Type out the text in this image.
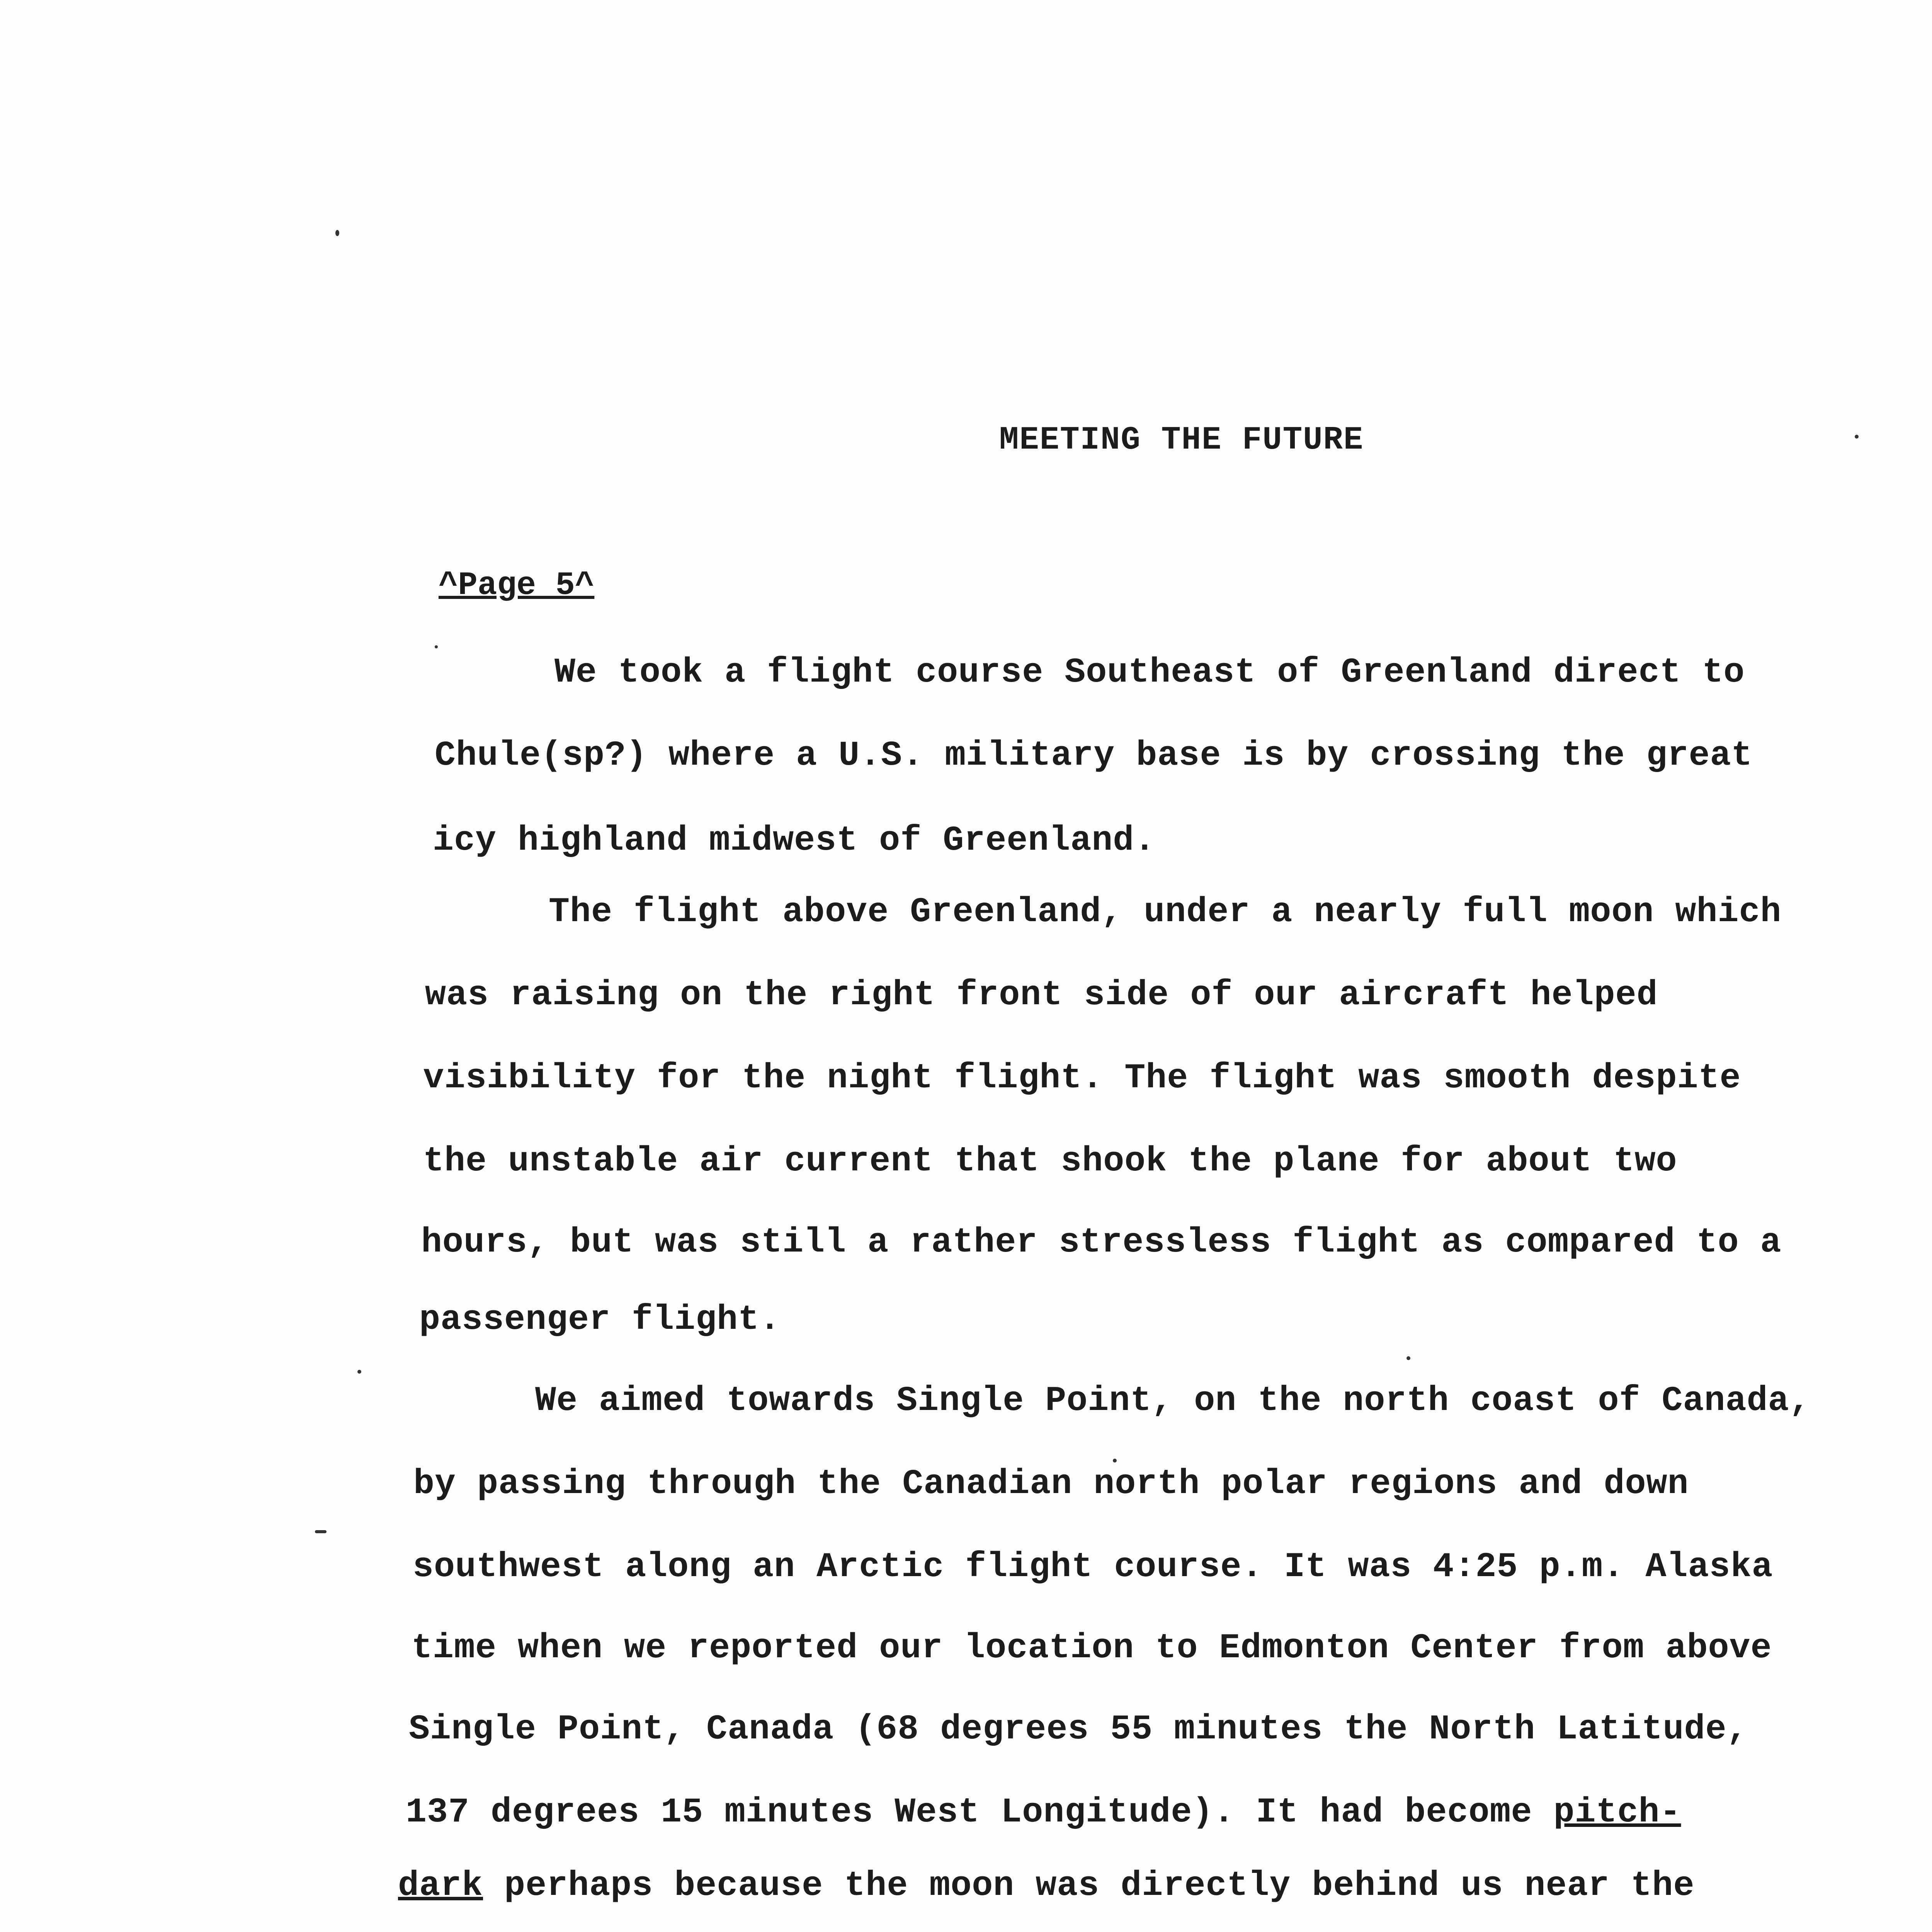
MEETING THE FUTURE
^Page 5^
We took a flight course Southeast of Greenland direct to
Chule(sp?) where a U.S. military base is by crossing the great
icy highland midwest of Greenland.
The flight above Greenland, under a nearly full moon which
was raising on the right front side of our aircraft helped
visibility for the night flight. The flight was smooth despite
the unstable air current that shook the plane for about two
hours, but was still a rather stressless flight as compared to a
passenger flight.
We aimed towards Single Point, on the north coast of Canada,
by passing through the Canadian north polar regions and down
southwest along an Arctic flight course. It was 4:25 p.m. Alaska
time when we reported our location to Edmonton Center from above
Single Point, Canada (68 degrees 55 minutes the North Latitude,
137 degrees 15 minutes West Longitude). It had become pitch-
dark perhaps because the moon was directly behind us near the
